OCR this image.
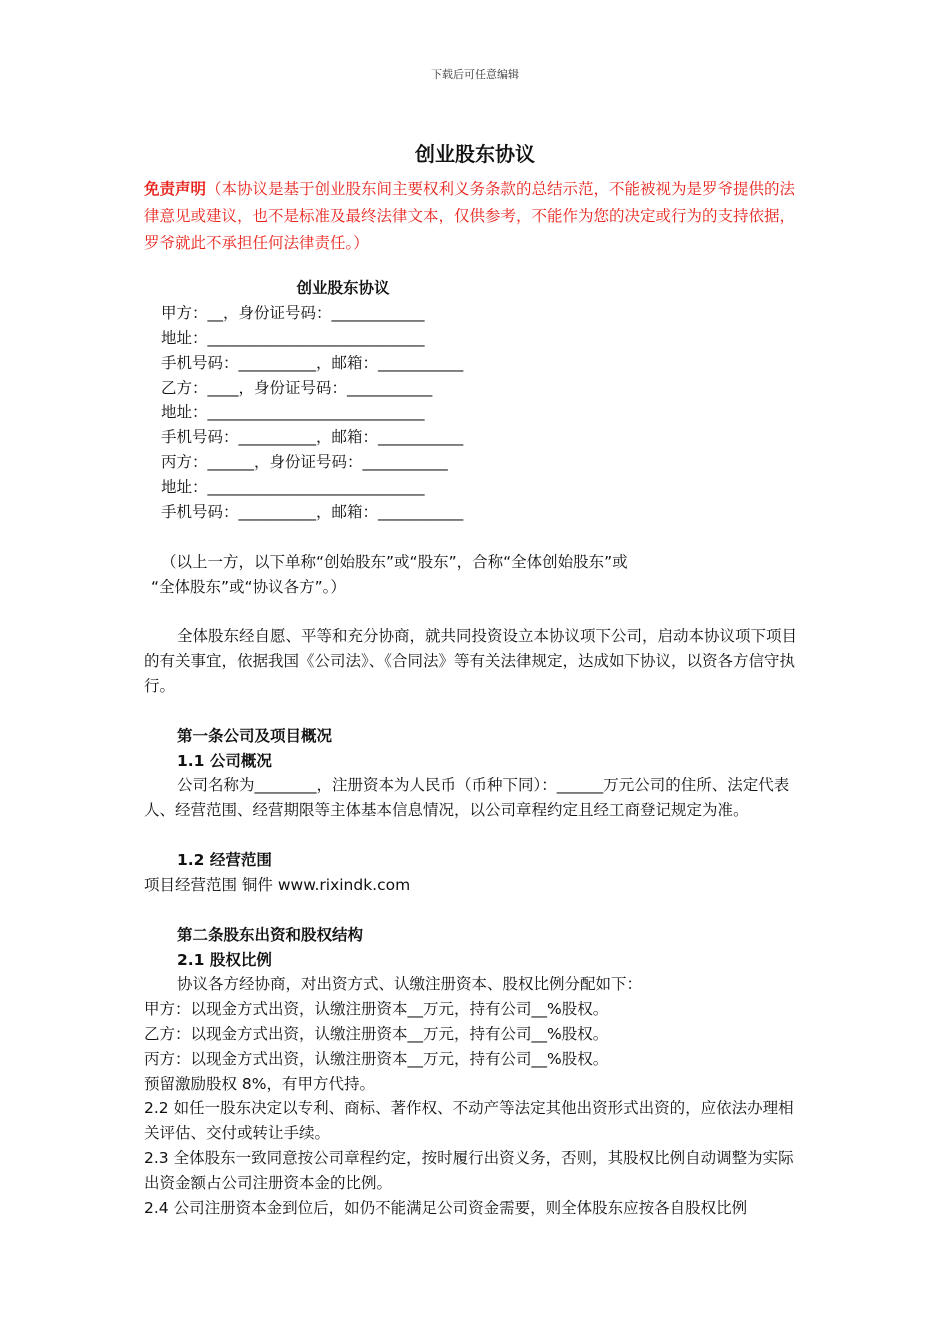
下载后可任意编辑
创业股东协议
免责声明（本协议是基于创业股东间主要权利义务条款的总结示范，不能被视为是罗爷提供的法律意见或建议，也不是标准及最终法律文本，仅供参考，不能作为您的决定或行为的支持依据，罗爷就此不承担任何法律责任。）
创业股东协议
甲方：__，身份证号码：____________
地址：____________________________
手机号码：__________，邮箱：___________
乙方：____，身份证号码：___________
地址：____________________________
手机号码：__________，邮箱：___________
丙方：______，身份证号码：___________
地址：____________________________
手机号码：__________，邮箱：___________
（以上一方，以下单称“创始股东”或“股东”，合称“全体创始股东”或
“全体股东”或“协议各方”。）
全体股东经自愿、平等和充分协商，就共同投资设立本协议项下公司，启动本协议项下项目的有关事宜，依据我国《公司法》、《合同法》等有关法律规定，达成如下协议，以资各方信守执行。
第一条公司及项目概况
1.1 公司概况
公司名称为________，注册资本为人民币（币种下同）：______万元公司的住所、法定代表人、经营范围、经营期限等主体基本信息情况，以公司章程约定且经工商登记规定为准。
1.2 经营范围
项目经营范围 铜件 www.rixindk.com
第二条股东出资和股权结构
2.1 股权比例
协议各方经协商，对出资方式、认缴注册资本、股权比例分配如下：
甲方：以现金方式出资，认缴注册资本__万元，持有公司__%股权。
乙方：以现金方式出资，认缴注册资本__万元，持有公司__%股权。
丙方：以现金方式出资，认缴注册资本__万元，持有公司__%股权。
预留激励股权 8%，有甲方代持。
2.2 如任一股东决定以专利、商标、著作权、不动产等法定其他出资形式出资的，应依法办理相关评估、交付或转让手续。
2.3 全体股东一致同意按公司章程约定，按时履行出资义务，否则，其股权比例自动调整为实际出资金额占公司注册资本金的比例。
2.4 公司注册资本金到位后，如仍不能满足公司资金需要，则全体股东应按各自股权比例
